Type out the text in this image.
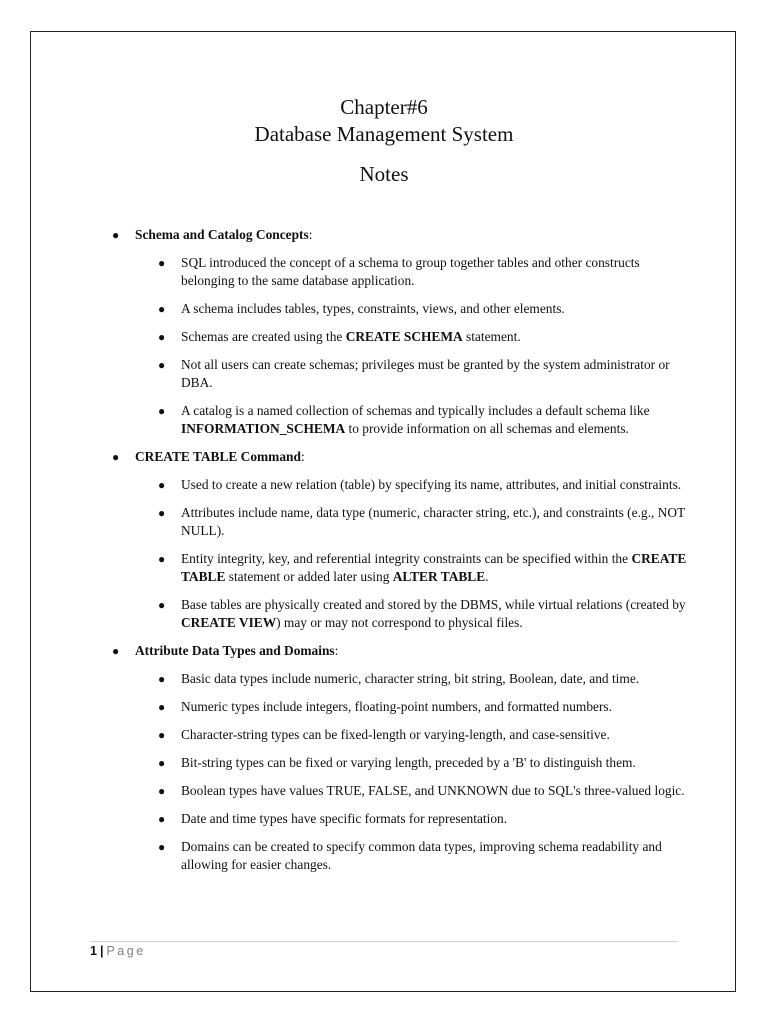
Chapter#6
Database Management System
Notes
● Schema and Catalog Concepts:
● SQL introduced the concept of a schema to group together tables and other constructs belonging to the same database application.
● A schema includes tables, types, constraints, views, and other elements.
● Schemas are created using the CREATE SCHEMA statement.
● Not all users can create schemas; privileges must be granted by the system administrator or DBA.
● A catalog is a named collection of schemas and typically includes a default schema like INFORMATION_SCHEMA to provide information on all schemas and elements.
● CREATE TABLE Command:
● Used to create a new relation (table) by specifying its name, attributes, and initial constraints.
● Attributes include name, data type (numeric, character string, etc.), and constraints (e.g., NOT NULL).
● Entity integrity, key, and referential integrity constraints can be specified within the CREATE TABLE statement or added later using ALTER TABLE.
● Base tables are physically created and stored by the DBMS, while virtual relations (created by CREATE VIEW) may or may not correspond to physical files.
● Attribute Data Types and Domains:
● Basic data types include numeric, character string, bit string, Boolean, date, and time.
● Numeric types include integers, floating-point numbers, and formatted numbers.
● Character-string types can be fixed-length or varying-length, and case-sensitive.
● Bit-string types can be fixed or varying length, preceded by a 'B' to distinguish them.
● Boolean types have values TRUE, FALSE, and UNKNOWN due to SQL's three-valued logic.
● Date and time types have specific formats for representation.
● Domains can be created to specify common data types, improving schema readability and allowing for easier changes.
1 | Page
